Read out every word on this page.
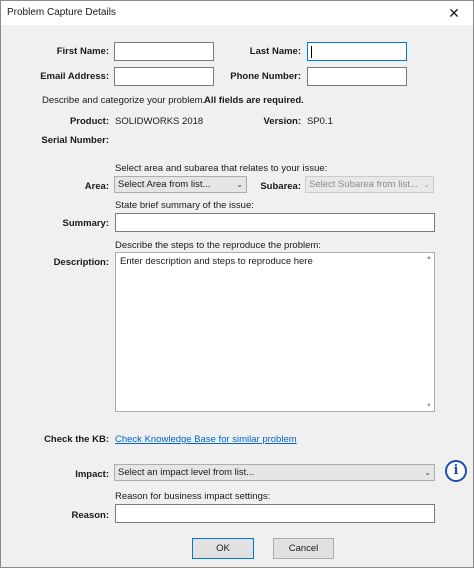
Problem Capture Details	✕
First Name:	Last Name:
Email Address:	Phone Number:
Describe and categorize your problem.
All fields are required.
Product: SOLIDWORKS 2018	Version: SP0.1
Serial Number:
Select area and subarea that relates to your issue:
Area: Select Area from list...	⌄	Subarea: Select Subarea from list... ⌄
State brief summary of the issue:
Summary:
Describe the steps to the reproduce the problem:
Description:	Enter description and steps to reproduce here	▲
▼
Check the KB: Check Knowledge Base for similar problem
Impact: Select an impact level from list...	⌄	i
Reason for business impact settings:
Reason:
OK	Cancel
